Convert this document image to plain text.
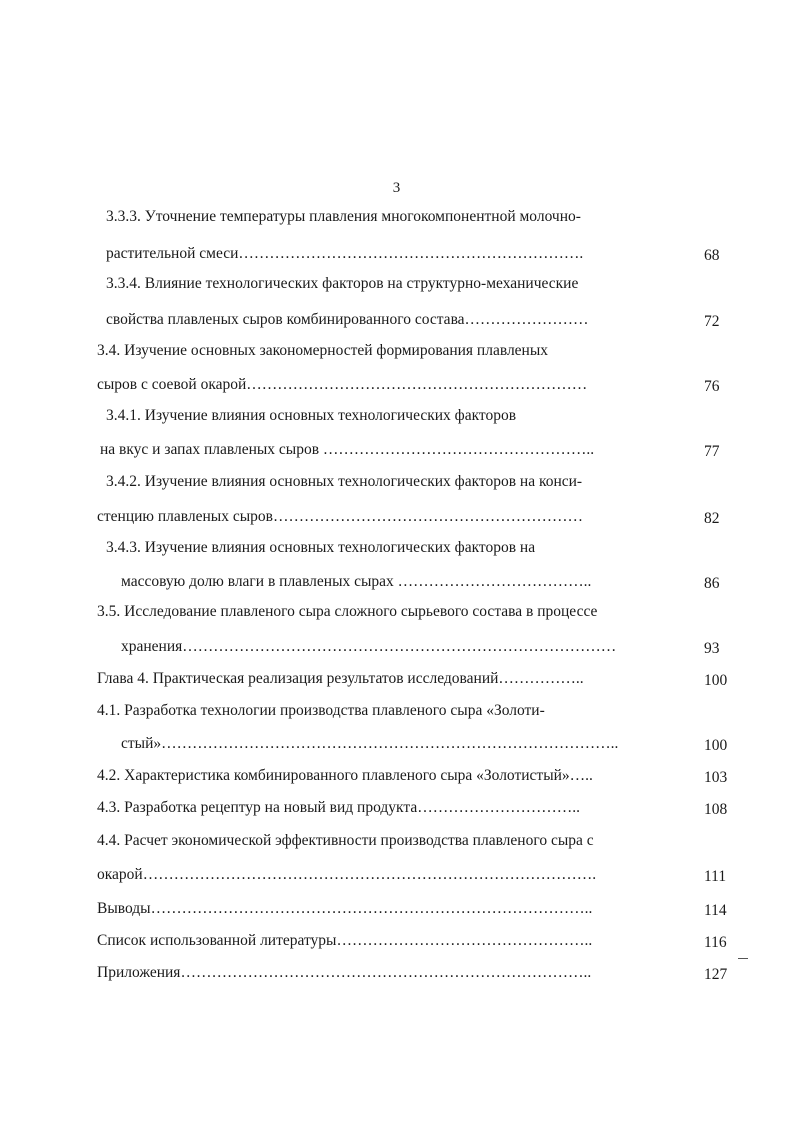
3
3.3.3. Уточнение температуры плавления многокомпонентной молочно-
растительной смеси………………………………………………………….	68
3.3.4. Влияние технологических факторов на структурно-механические
свойства плавленых сыров комбинированного состава……………………	72
3.4. Изучение основных закономерностей формирования плавленых
сыров с соевой окарой…………………………………………………………	76
3.4.1. Изучение влияния основных технологических факторов
на вкус и запах плавленых сыров ……………………………………………..	77
3.4.2. Изучение влияния основных технологических факторов на конси-
стенцию плавленых сыров……………………………………………………	82
3.4.3. Изучение влияния основных технологических факторов на
массовую долю влаги в плавленых сырах ………………………………..	86
3.5. Исследование плавленого сыра сложного сырьевого состава в процессе
хранения…………………………………………………………………………	93
Глава 4. Практическая реализация результатов исследований……………..	100
4.1. Разработка технологии производства плавленого сыра «Золоти-
стый»……………………………………………………………………………..	100
4.2. Характеристика комбинированного плавленого сыра «Золотистый»…..	103
4.3. Разработка рецептур на новый вид продукта…………………………..	108
4.4. Расчет экономической эффективности производства плавленого сыра с
окарой…………………………………………………………………………….	111
Выводы…………………………………………………………………………..	114
Список использованной литературы…………………………………………..	116
Приложения……………………………………………………………………..	127
